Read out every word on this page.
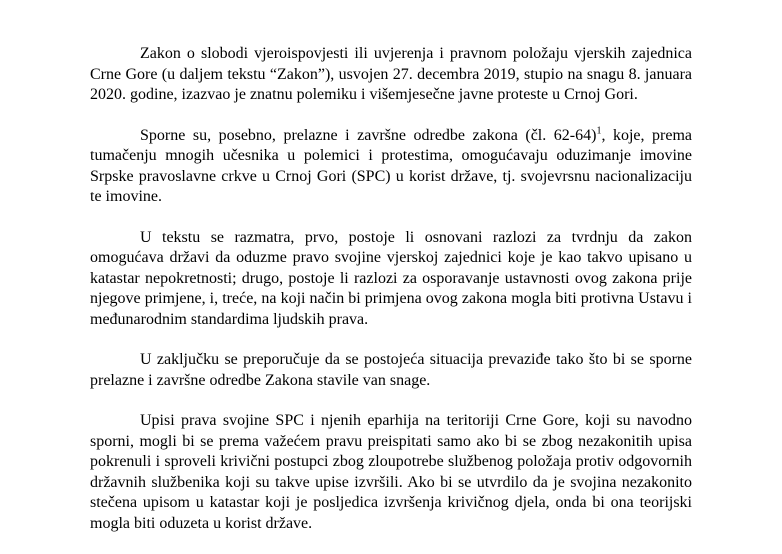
Zakon o slobodi vjeroispovjesti ili uvjerenja i pravnom položaju vjerskih zajednica Crne Gore (u daljem tekstu “Zakon”), usvojen 27. decembra 2019, stupio na snagu 8. januara 2020. godine, izazvao je znatnu polemiku i višemjesečne javne proteste u Crnoj Gori.

Sporne su, posebno, prelazne i završne odredbe zakona (čl. 62-64)$^1$, koje, prema tumačenju mnogih učesnika u polemici i protestima, omogućavaju oduzimanje imovine Srpske pravoslavne crkve u Crnoj Gori (SPC) u korist države, tj. svojevrsnu nacionalizaciju te imovine.

U tekstu se razmatra, prvo, postoje li osnovani razlozi za tvrdnju da zakon omogućava državi da oduzme pravo svojine vjerskoj zajednici koje je kao takvo upisano u katastar nepokretnosti; drugo, postoje li razlozi za osporavanje ustavnosti ovog zakona prije njegove primjene, i, treće, na koji način bi primjena ovog zakona mogla biti protivna Ustavu i međunarodnim standardima ljudskih prava.

U zaključku se preporučuje da se postojeća situacija prevaziđe tako što bi se sporne prelazne i završne odredbe Zakona stavile van snage.

Upisi prava svojine SPC i njenih eparhija na teritoriji Crne Gore, koji su navodno sporni, mogli bi se prema važećem pravu preispitati samo ako bi se zbog nezakonitih upisa pokrenuli i sproveli krivični postupci zbog zloupotrebe službenog položaja protiv odgovornih državnih službenika koji su takve upise izvršili. Ako bi se utvrdilo da je svojina nezakonito stečena upisom u katastar koji je posljedica izvršenja krivičnog djela, onda bi ona teorijski mogla biti oduzeta u korist države.
